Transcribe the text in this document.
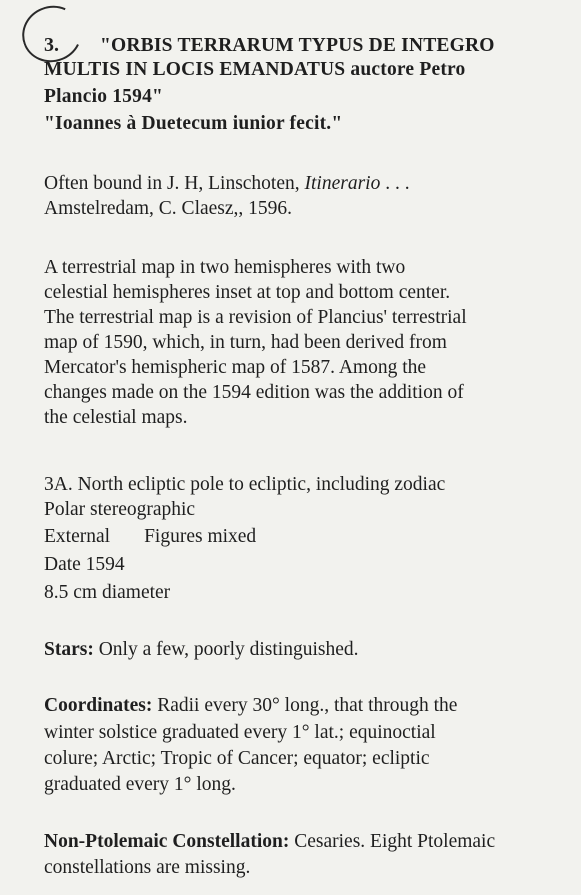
3. "ORBIS TERRARUM TYPUS DE INTEGRO
MULTIS IN LOCIS EMANDATUS auctore Petro
Plancio 1594"
"Ioannes à Duetecum iunior fecit."
Often bound in J. H, Linschoten, Itinerario . . .
Amstelredam, C. Claesz,, 1596.
A terrestrial map in two hemispheres with two
celestial hemispheres inset at top and bottom center.
The terrestrial map is a revision of Plancius' terrestrial
map of 1590, which, in turn, had been derived from
Mercator's hemispheric map of 1587. Among the
changes made on the 1594 edition was the addition of
the celestial maps.
3A. North ecliptic pole to ecliptic, including zodiac
Polar stereographic
External Figures mixed
Date 1594
8.5 cm diameter
Stars: Only a few, poorly distinguished.
Coordinates: Radii every 30° long., that through the
winter solstice graduated every 1° lat.; equinoctial
colure; Arctic; Tropic of Cancer; equator; ecliptic
graduated every 1° long.
Non-Ptolemaic Constellation: Cesaries. Eight Ptolemaic
constellations are missing.
